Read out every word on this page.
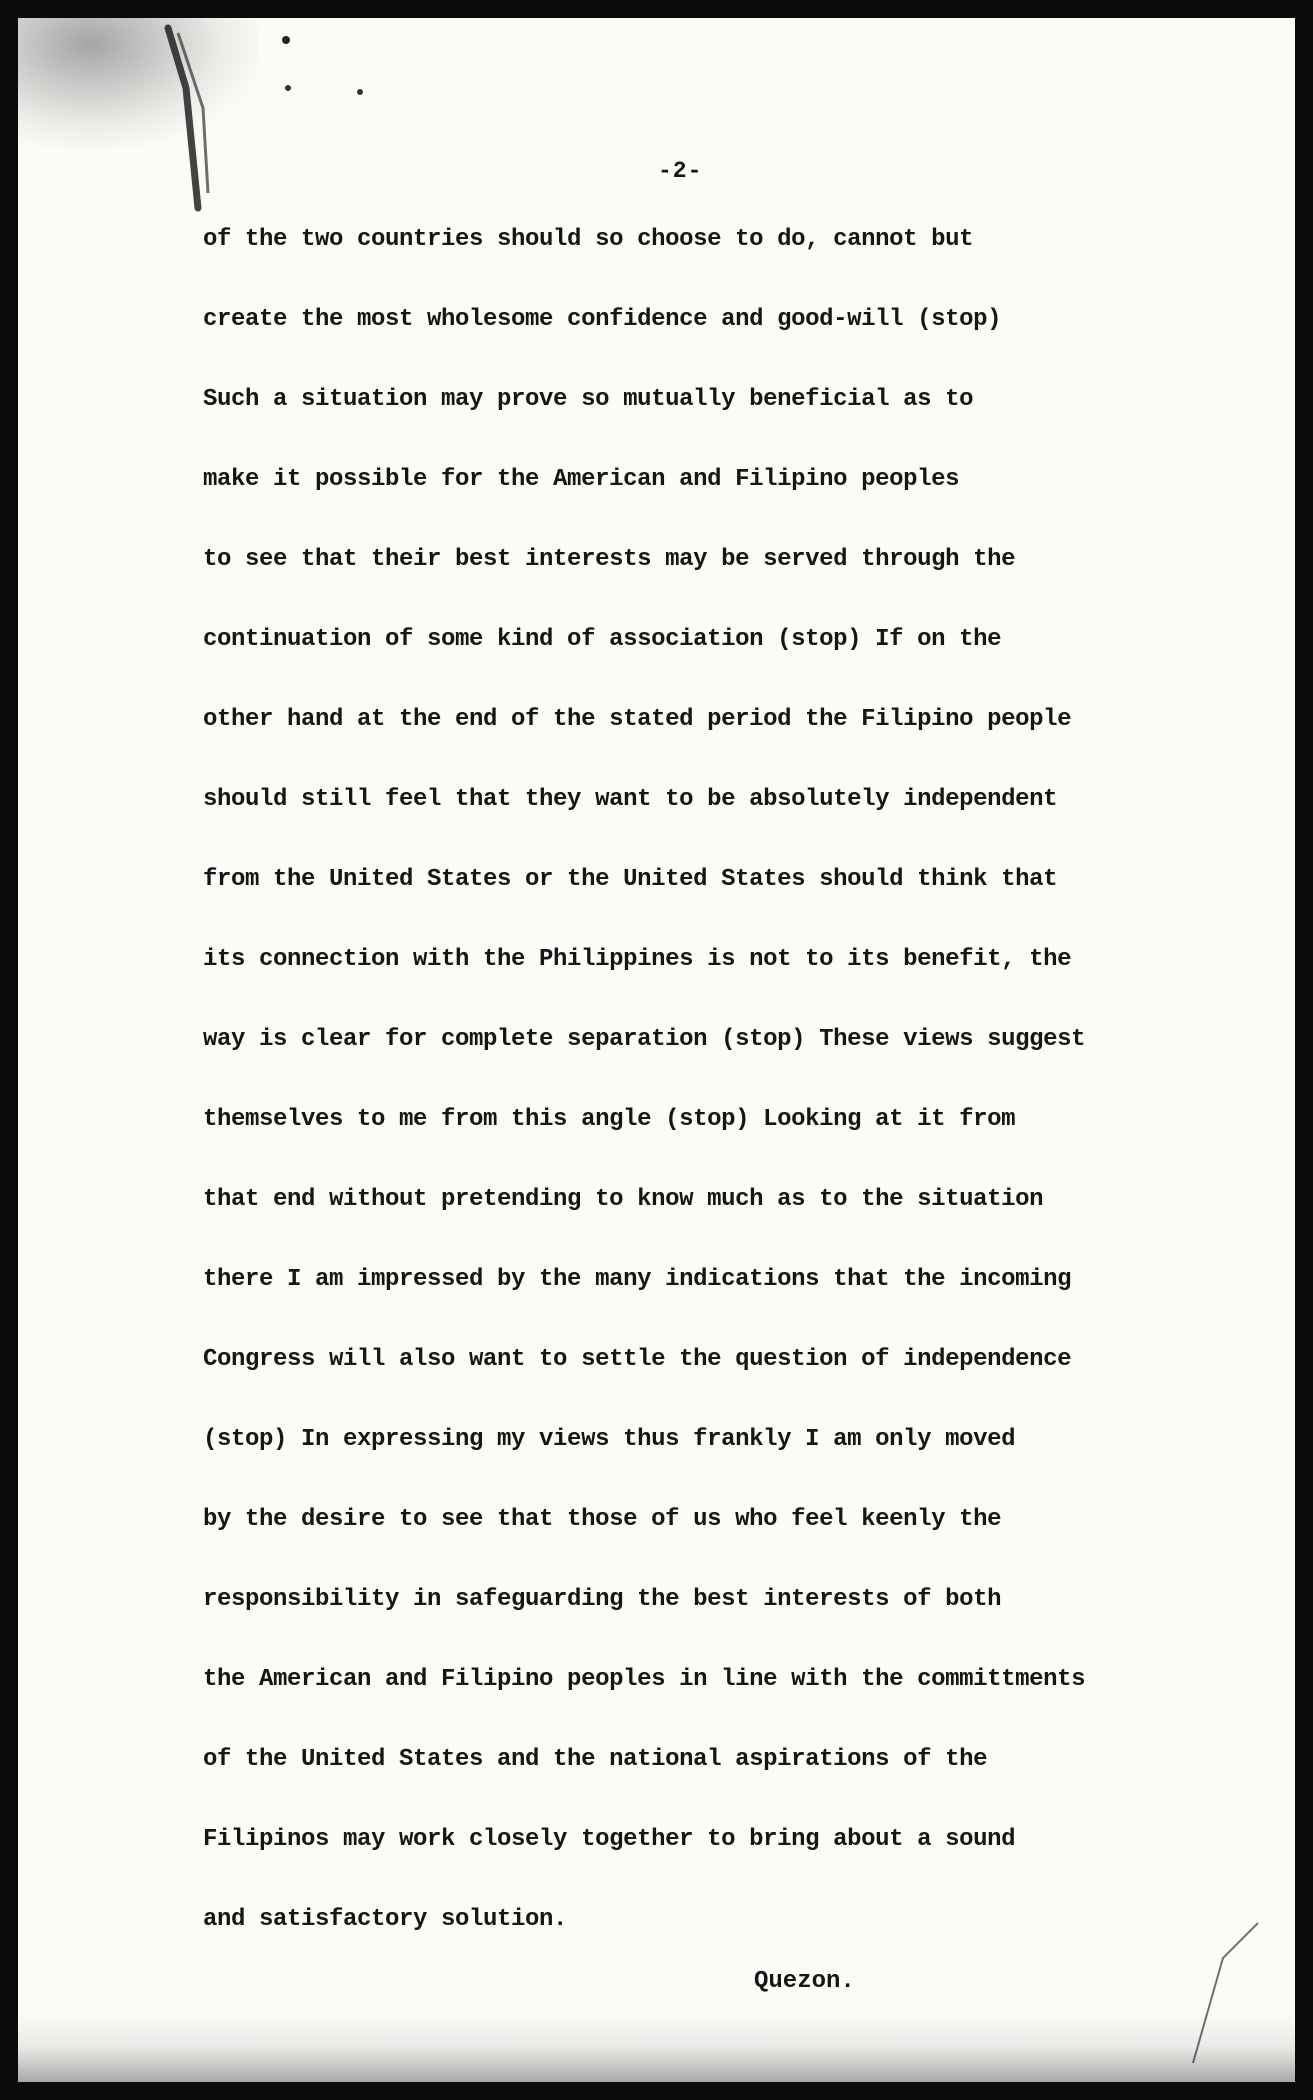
-2-
of the two countries should so choose to do, cannot but
create the most wholesome confidence and good-will (stop)
Such a situation may prove so mutually beneficial as to
make it possible for the American and Filipino peoples
to see that their best interests may be served through the
continuation of some kind of association (stop) If on the
other hand at the end of the stated period the Filipino people
should still feel that they want to be absolutely independent
from the United States or the United States should think that
its connection with the Philippines is not to its benefit, the
way is clear for complete separation (stop) These views suggest
themselves to me from this angle (stop) Looking at it from
that end without pretending to know much as to the situation
there I am impressed by the many indications that the incoming
Congress will also want to settle the question of independence
(stop) In expressing my views thus frankly I am only moved
by the desire to see that those of us who feel keenly the
responsibility in safeguarding the best interests of both
the American and Filipino peoples in line with the committments
of the United States and the national aspirations of the
Filipinos may work closely together to bring about a sound
and satisfactory solution.
Quezon.
